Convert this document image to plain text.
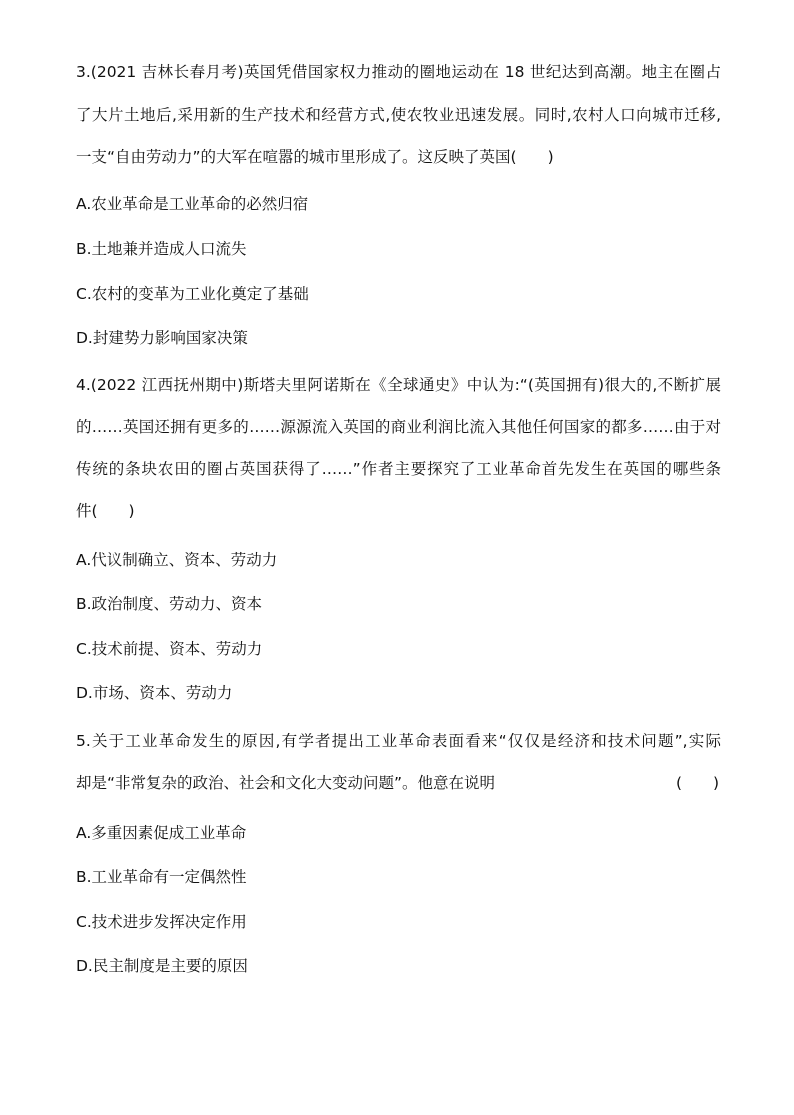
3.(2021 吉林长春月考)英国凭借国家权力推动的圈地运动在 18 世纪达到高潮。地主在圈占
了大片土地后,采用新的生产技术和经营方式,使农牧业迅速发展。同时,农村人口向城市迁移,
一支“自由劳动力”的大军在喧嚣的城市里形成了。这反映了英国(　　)
A.农业革命是工业革命的必然归宿
B.土地兼并造成人口流失
C.农村的变革为工业化奠定了基础
D.封建势力影响国家决策
4.(2022 江西抚州期中)斯塔夫里阿诺斯在《全球通史》中认为:“(英国拥有)很大的,不断扩展
的……英国还拥有更多的……源源流入英国的商业利润比流入其他任何国家的都多……由于对
传统的条块农田的圈占英国获得了……”作者主要探究了工业革命首先发生在英国的哪些条
件(　　)
A.代议制确立、资本、劳动力
B.政治制度、劳动力、资本
C.技术前提、资本、劳动力
D.市场、资本、劳动力
5.关于工业革命发生的原因,有学者提出工业革命表面看来“仅仅是经济和技术问题”,实际
却是“非常复杂的政治、社会和文化大变动问题”。他意在说明	(　　)
A.多重因素促成工业革命
B.工业革命有一定偶然性
C.技术进步发挥决定作用
D.民主制度是主要的原因
